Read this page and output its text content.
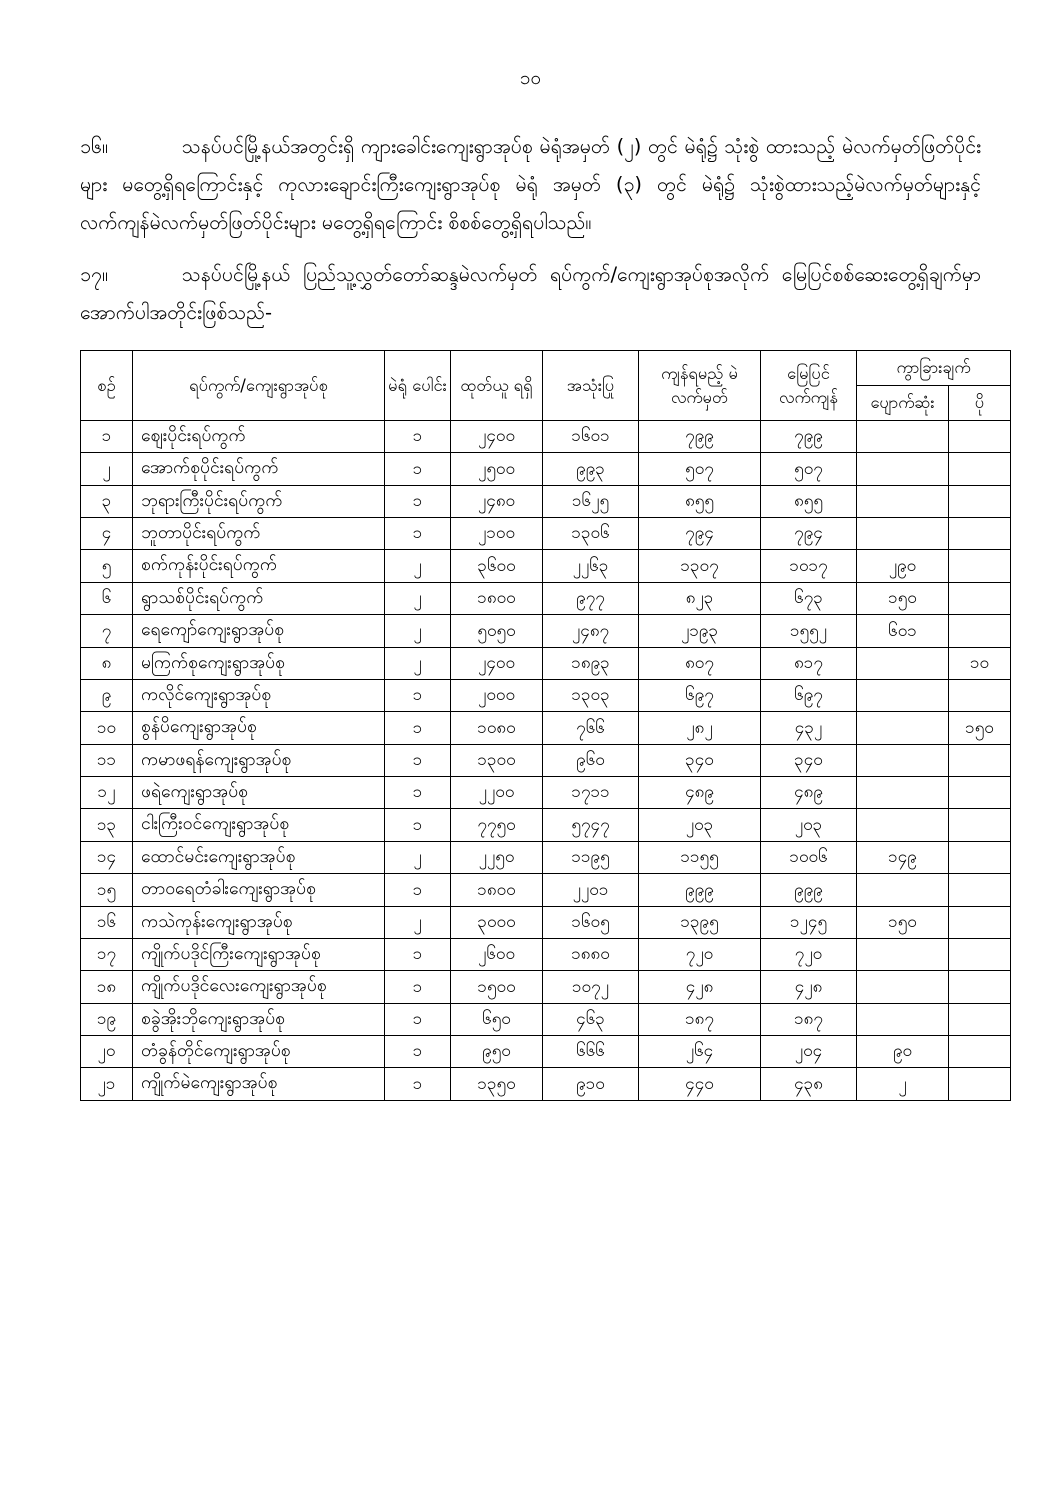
၁၀

၁၆။	သနပ်ပင်မြို့နယ်အတွင်းရှိ ကျားခေါင်းကျေးရွာအုပ်စု မဲရုံအမှတ် (၂) တွင် မဲရုံ၌ သုံးစွဲ ထားသည့် မဲလက်မှတ်ဖြတ်ပိုင်းများ မတွေ့ရှိရကြောင်းနှင့် ကုလားချောင်းကြီးကျေးရွာအုပ်စု မဲရုံ အမှတ် (၃) တွင် မဲရုံ၌ သုံးစွဲထားသည့်မဲလက်မှတ်များနှင့် လက်ကျန်မဲလက်မှတ်ဖြတ်ပိုင်းများ မတွေ့ရှိရကြောင်း စိစစ်တွေ့ရှိရပါသည်။

၁၇။	သနပ်ပင်မြို့နယ် ပြည်သူ့လွှတ်တော်ဆန္ဒမဲလက်မှတ် ရပ်ကွက်/ကျေးရွာအုပ်စုအလိုက် မြေပြင်စစ်ဆေးတွေ့ရှိချက်မှာ အောက်ပါအတိုင်းဖြစ်သည်-

စဉ်	ရပ်ကွက်/ကျေးရွာအုပ်စု	မဲရုံ ပေါင်း	ထုတ်ယူ ရရှိ	အသုံးပြု	ကျန်ရမည့် မဲလက်မှတ်	မြေပြင် လက်ကျန်	ကွာခြားချက်	
							ပျောက်ဆုံး	ပို
၁	ဈေးပိုင်းရပ်ကွက်	၁	၂၄၀၀	၁၆၀၁	၇၉၉	၇၉၉		
၂	အောက်စုပိုင်းရပ်ကွက်	၁	၂၅၀၀	၉၉၃	၅၀၇	၅၀၇		
၃	ဘုရားကြီးပိုင်းရပ်ကွက်	၁	၂၄၈၀	၁၆၂၅	၈၅၅	၈၅၅		
၄	ဘူတာပိုင်းရပ်ကွက်	၁	၂၁၀၀	၁၃၀၆	၇၉၄	၇၉၄		
၅	စက်ကုန်းပိုင်းရပ်ကွက်	၂	၃၆၀၀	၂၂၆၃	၁၃၀၇	၁၀၁၇	၂၉၀	
၆	ရွာသစ်ပိုင်းရပ်ကွက်	၂	၁၈၀၀	၉၇၇	၈၂၃	၆၇၃	၁၅၀	
၇	ရေကျော်ကျေးရွာအုပ်စု	၂	၅၀၅၀	၂၄၈၇	၂၁၉၃	၁၅၅၂	၆၀၁	
၈	မကြက်စုကျေးရွာအုပ်စု	၂	၂၄၀၀	၁၈၉၃	၈၀၇	၈၁၇		၁၀
၉	ကလိုင်ကျေးရွာအုပ်စု	၁	၂၀၀၀	၁၃၀၃	၆၉၇	၆၉၇		
၁၀	စွန်ပိကျေးရွာအုပ်စု	၁	၁၀၈၀	၇၆၆	၂၈၂	၄၃၂		၁၅၀
၁၁	ကမာဖရန်ကျေးရွာအုပ်စု	၁	၁၃၀၀	၉၆၀	၃၄၀	၃၄၀		
၁၂	ဖရဲကျေးရွာအုပ်စု	၁	၂၂၀၀	၁၇၁၁	၄၈၉	၄၈၉		
၁၃	ငါးကြီးဝင်ကျေးရွာအုပ်စု	၁	၇၇၅၀	၅၇၄၇	၂၀၃	၂၀၃		
၁၄	ထောင်မင်းကျေးရွာအုပ်စု	၂	၂၂၅၀	၁၁၉၅	၁၁၅၅	၁၀၀၆	၁၄၉	
၁၅	တာဝရေတံခါးကျေးရွာအုပ်စု	၁	၁၈၀၀	၂၂၀၁	၉၉၉	၉၉၉		
၁၆	ကသဲကုန်းကျေးရွာအုပ်စု	၂	၃၀၀၀	၁၆၀၅	၁၃၉၅	၁၂၄၅	၁၅၀	
၁၇	ကျိုက်ပဒိုင်ကြီးကျေးရွာအုပ်စု	၁	၂၆၀၀	၁၈၈၀	၇၂၀	၇၂၀		
၁၈	ကျိုက်ပဒိုင်လေးကျေးရွာအုပ်စု	၁	၁၅၀၀	၁၀၇၂	၄၂၈	၄၂၈		
၁၉	စခွဲအိုးဘိုကျေးရွာအုပ်စု	၁	၆၅၀	၄၆၃	၁၈၇	၁၈၇		
၂၀	တံခွန်တိုင်ကျေးရွာအုပ်စု	၁	၉၅၀	၆၆၆	၂၆၄	၂၀၄	၉၀	
၂၁	ကျိုက်မဲကျေးရွာအုပ်စု	၁	၁၃၅၀	၉၁၀	၄၄၀	၄၃၈	၂	
